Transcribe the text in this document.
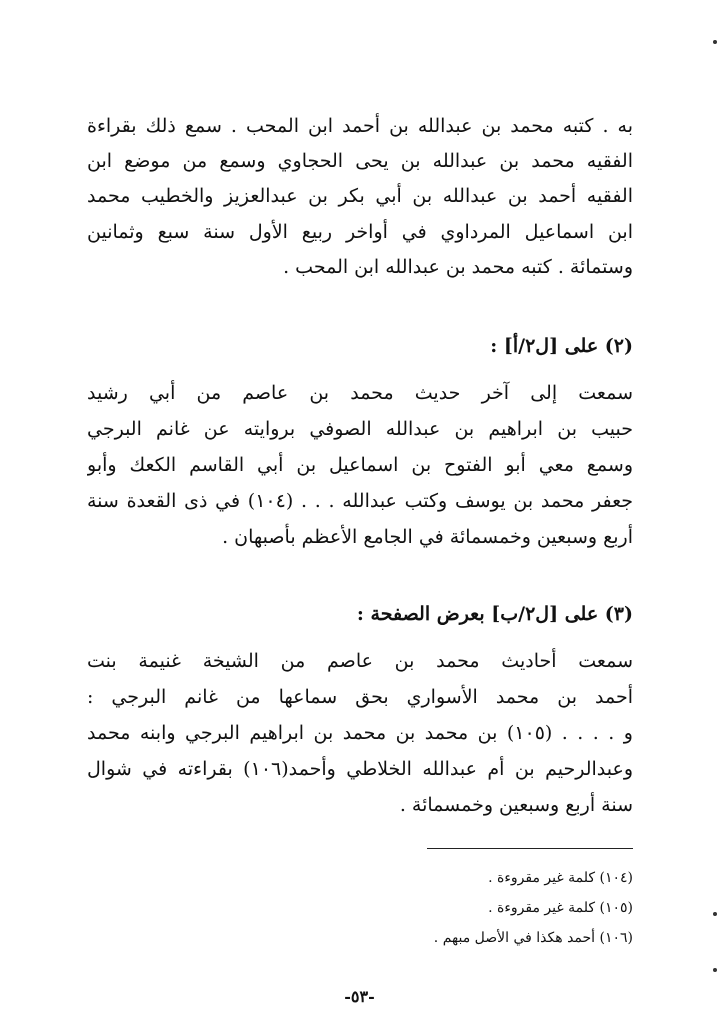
به . كتبه محمد بن عبدالله بن أحمد ابن المحب . سمع ذلك بقراءة
الفقيه محمد بن عبدالله بن يحى الحجاوي وسمع من موضع ابن
الفقيه أحمد بن عبدالله بن أبي بكر بن عبدالعزيز والخطيب محمد
ابن اسماعيل المرداوي في أواخر ربيع الأول سنة سبع وثمانين
وستمائة . كتبه محمد بن عبدالله ابن المحب .
(٢) على [ل٢/أ] :
سمعت إلى آخر حديث محمد بن عاصم من أبي رشيد
حبيب بن ابراهيم بن عبدالله الصوفي بروايته عن غانم البرجي
وسمع معي أبو الفتوح بن اسماعيل بن أبي القاسم الكعك وأبو
جعفر محمد بن يوسف وكتب عبدالله . . . (١٠٤) في ذى القعدة سنة
أربع وسبعين وخمسمائة في الجامع الأعظم بأصبهان .
(٣) على [ل٢/ب] بعرض الصفحة :
سمعت أحاديث محمد بن عاصم من الشيخة غنيمة بنت
أحمد بن محمد الأسواري بحق سماعها من غانم البرجي :
و . . . . (١٠٥) بن محمد بن محمد بن ابراهيم البرجي وابنه محمد
وعبدالرحيم بن أم عبدالله الخلاطي وأحمد(١٠٦) بقراءته في شوال
سنة أربع وسبعين وخمسمائة .
(١٠٤) كلمة غير مقروءة .
(١٠٥) كلمة غير مقروءة .
(١٠٦) أحمد هكذا في الأصل مبهم .
-٥٣-
